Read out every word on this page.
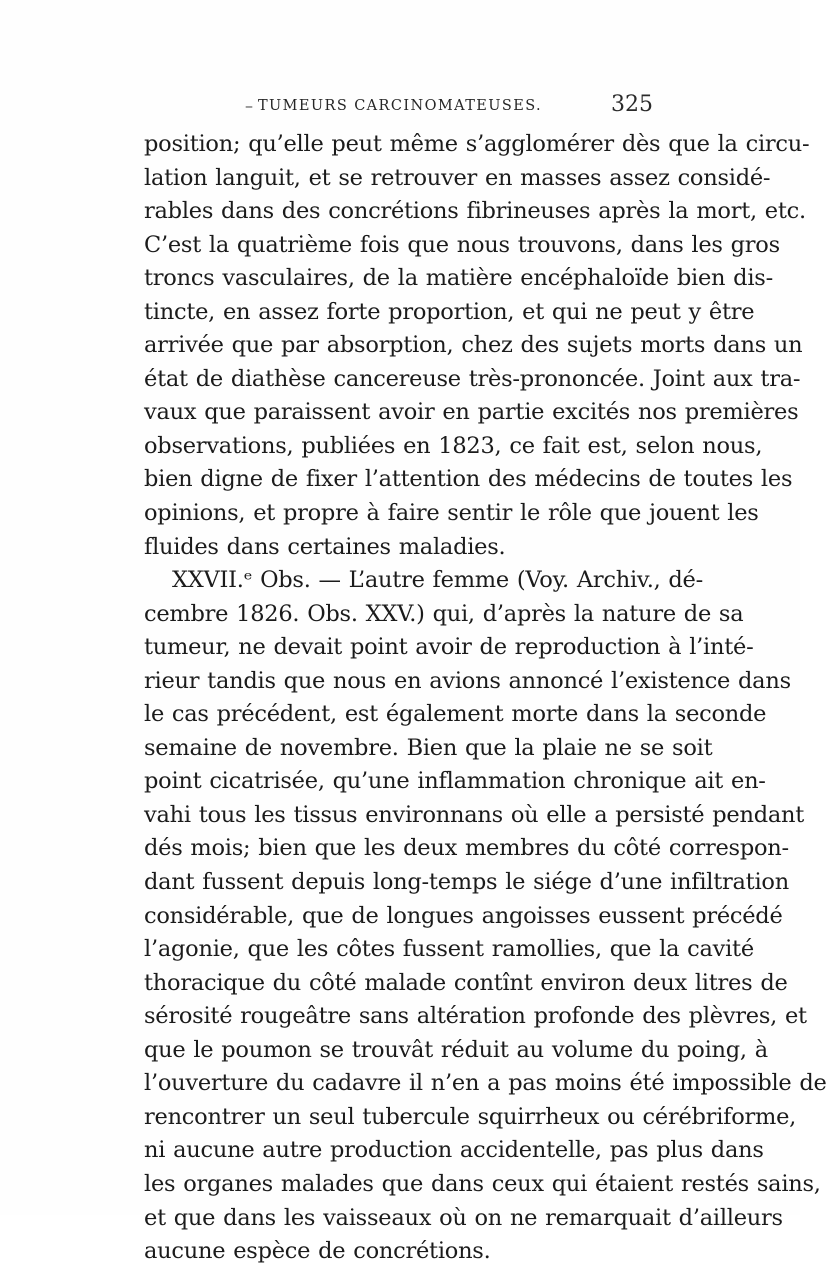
– TUMEURS CARCINOMATEUSES.	325
position; qu’elle peut même s’agglomérer dès que la circu-
lation languit, et se retrouver en masses assez considé-
rables dans des concrétions fibrineuses après la mort, etc.
C’est la quatrième fois que nous trouvons, dans les gros
troncs vasculaires, de la matière encéphaloïde bien dis-
tincte, en assez forte proportion, et qui ne peut y être
arrivée que par absorption, chez des sujets morts dans un
état de diathèse cancereuse très-prononcée. Joint aux tra-
vaux que paraissent avoir en partie excités nos premières
observations, publiées en 1823, ce fait est, selon nous,
bien digne de fixer l’attention des médecins de toutes les
opinions, et propre à faire sentir le rôle que jouent les
fluides dans certaines maladies.
XXVII.ᵉ Obs. — L’autre femme (Voy. Archiv., dé-
cembre 1826. Obs. XXV.) qui, d’après la nature de sa
tumeur, ne devait point avoir de reproduction à l’inté-
rieur tandis que nous en avions annoncé l’existence dans
le cas précédent, est également morte dans la seconde
semaine de novembre. Bien que la plaie ne se soit
point cicatrisée, qu’une inflammation chronique ait en-
vahi tous les tissus environnans où elle a persisté pendant
dés mois; bien que les deux membres du côté correspon-
dant fussent depuis long-temps le siége d’une infiltration
considérable, que de longues angoisses eussent précédé
l’agonie, que les côtes fussent ramollies, que la cavité
thoracique du côté malade contînt environ deux litres de
sérosité rougeâtre sans altération profonde des plèvres, et
que le poumon se trouvât réduit au volume du poing, à
l’ouverture du cadavre il n’en a pas moins été impossible de
rencontrer un seul tubercule squirrheux ou cérébriforme,
ni aucune autre production accidentelle, pas plus dans
les organes malades que dans ceux qui étaient restés sains,
et que dans les vaisseaux où on ne remarquait d’ailleurs
aucune espèce de concrétions.
